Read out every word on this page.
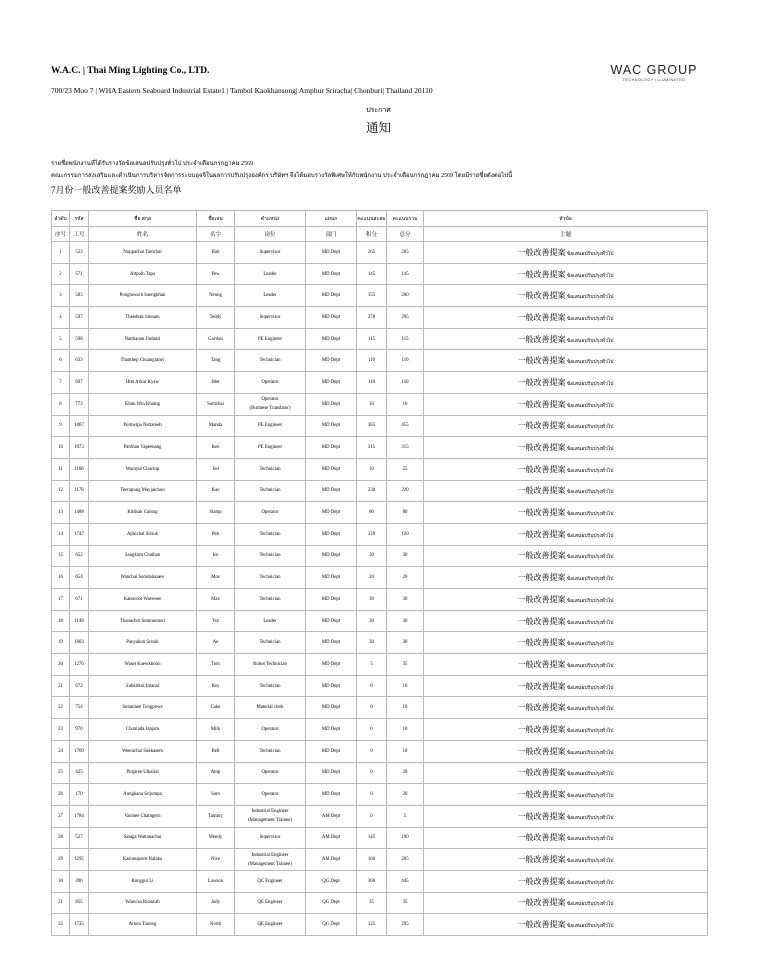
W.A.C. | Thai Ming Lighting Co., LTD.
700/23 Moo 7 | WHA Eastern Seaboard Industrial Estate1 | Tambol Kaokhansong| Amphur Sriracha| Chonburi| Thailand 20110
WAC GROUP
TECHNOLOGY ILLUMINATED
ประกาศ
通知
รายชื่อพนักงานที่ได้รับรางวัลข้อเสนอปรับปรุงทั่วไป ประจำเดือนกรกฎาคม 2569
คณะกรรมการส่งเสริมและดำเนินการบริหารจัดการระบบอุจจิในผลการปรับปรุงองค์กร บริษัทฯ จึงได้มอบรางวัลพิเศษให้กับพนักงาน ประจำเดือนกรกฎาคม 2569 โดยมีรายชื่อดังต่อไปนี้
7月份一般改善提案奖励人员名单
ลำดับ	รหัส	ชื่อ สกุล	ชื่อเล่น	ตำแหน่ง	แผนก	คะแนนสะสม	คะแนนรวม	หัวข้อ
序号	工号	姓名	名字	岗位	部门	积分	总分	主题
1	523	Noppachai Tamchai	Bob	Supervisor	MD Dept	265	265	一般改善提案 ข้อเสนอปรับปรุงทั่วไป
2	571	Attpoln Tapa	Pew	Leader	MD Dept	145	145	一般改善提案 ข้อเสนอปรับปรุงทั่วไป
3	583	Pongtawach Saengkhan	Neung	Leader	MD Dept	155	200	一般改善提案 ข้อเสนอปรับปรุงทั่วไป
4	597	Theedsak Sinnam	Teddy	Supervisor	MD Dept	270	295	一般改善提案 ข้อเสนอปรับปรุงทั่วไป
5	598	Natthanan Jindasri	Gordon	PE Engineer	MD Dept	115	115	一般改善提案 ข้อเสนอปรับปรุงทั่วไป
6	633	Thanthep Chuangramy	Tang	Technician	MD Dept	110	110	一般改善提案 ข้อเสนอปรับปรุงทั่วไป
7	697	Htet Arkar Kyaw	Htet	Operator	MD Dept	110	110	一般改善提案 ข้อเสนอปรับปรุงทั่วไป
8	773	Khun Win Khaing	Somchai	Operator
(Burmese Translator)	MD Dept	10	10	一般改善提案 ข้อเสนอปรับปรุงทั่วไป
9	1067	Pornwipa Nattareeb	Manda	PE Engineer	MD Dept	385	455	一般改善提案 ข้อเสนอปรับปรุงทั่วไป
10	1073	Pardhan Vapeenang	Ken	PE Engineer	MD Dept	315	315	一般改善提案 ข้อเสนอปรับปรุงทั่วไป
11	1166	Warayut Chuchip	Jod	Technician	MD Dept	10	25	一般改善提案 ข้อเสนอปรับปรุงทั่วไป
12	1178	Teerapong Mayjaichoo	Kao	Technician	MD Dept	230	230	一般改善提案 ข้อเสนอปรับปรุงทั่วไป
13	1488	Kittisak Cantug	Stamp	Operator	MD Dept	80	80	一般改善提案 ข้อเสนอปรับปรุงทั่วไป
14	1747	Aphichat Srisuk	Pek	Technician	MD Dept	120	120	一般改善提案 ข้อเสนอปรับปรุงทั่วไป
15	652	Sangkom Chaihan	Ice	Technician	MD Dept	30	30	一般改善提案 ข้อเสนอปรับปรุงทั่วไป
16	654	Wanchai Somdokkaew	Mos	Technician	MD Dept	20	20	一般改善提案 ข้อเสนอปรับปรุงทั่วไป
17	671	Katawoot Waewsee	Max	Technician	MD Dept	30	30	一般改善提案 ข้อเสนอปรับปรุงทั่วไป
18	1148	Thanachot Somroemsri	Yut	Leader	MD Dept	30	30	一般改善提案 ข้อเสนอปรับปรุงทั่วไป
19	1603	Panyakon Srisuk	Ae	Technician	MD Dept	30	30	一般改善提案 ข้อเสนอปรับปรุงทั่วไป
20	1276	Waset Kaewkhoon	Tom	Robot Technician	MD Dept	5	35	一般改善提案 ข้อเสนอปรับปรุงทั่วไป
21	672	Suhkitkul Intanai	Boy	Technician	MD Dept	0	10	一般改善提案 ข้อเสนอปรับปรุงทั่วไป
22	754	Sutaninee Tongpowe	Cake	Material clerk	MD Dept	0	10	一般改善提案 ข้อเสนอปรับปรุงทั่วไป
23	970	Chonlada Janjam	Milk	Operator	MD Dept	0	10	一般改善提案 ข้อเสนอปรับปรุงทั่วไป
24	1769	Weerachai Sukkasem	Bell	Technician	MD Dept	0	10	一般改善提案 ข้อเสนอปรับปรุงทั่วไป
25	425	Pinjaree Uthaisri	Amp	Operator	MD Dept	0	20	一般改善提案 ข้อเสนอปรับปรุงทั่วไป
26	170	Aungkana Srijumpa	Som	Operator	MD Dept	0	20	一般改善提案 ข้อเสนอปรับปรุงทั่วไป
27	1784	Vasinee Chatngern	Tammy	Industrial Engineer
(Management Trainee)	AM Dept	0	5	一般改善提案 ข้อเสนอปรับปรุงทั่วไป
28	527	Sataga Wattanachai	Wendy	Supervisor	AM Dept	145	190	一般改善提案 ข้อเสนอปรับปรุงทั่วไป
29	1295	Kasinnaporn Nalaka	Nice	Industrial Engineer
(Management Trainee)	AM Dept	160	205	一般改善提案 ข้อเสนอปรับปรุงทั่วไป
30	496	Ronggui Li	Lawson	QC Engineer	QG Dept	360	445	一般改善提案 ข้อเสนอปรับปรุงทั่วไป
31	855	Wanvisa Ruancab	Judy	QE Engineer	QG Dept	35	35	一般改善提案 ข้อเสนอปรับปรุงทั่วไป
32	1735	Aroon Taoong	North	QE Engineer	QG Dept	125	295	一般改善提案 ข้อเสนอปรับปรุงทั่วไป
